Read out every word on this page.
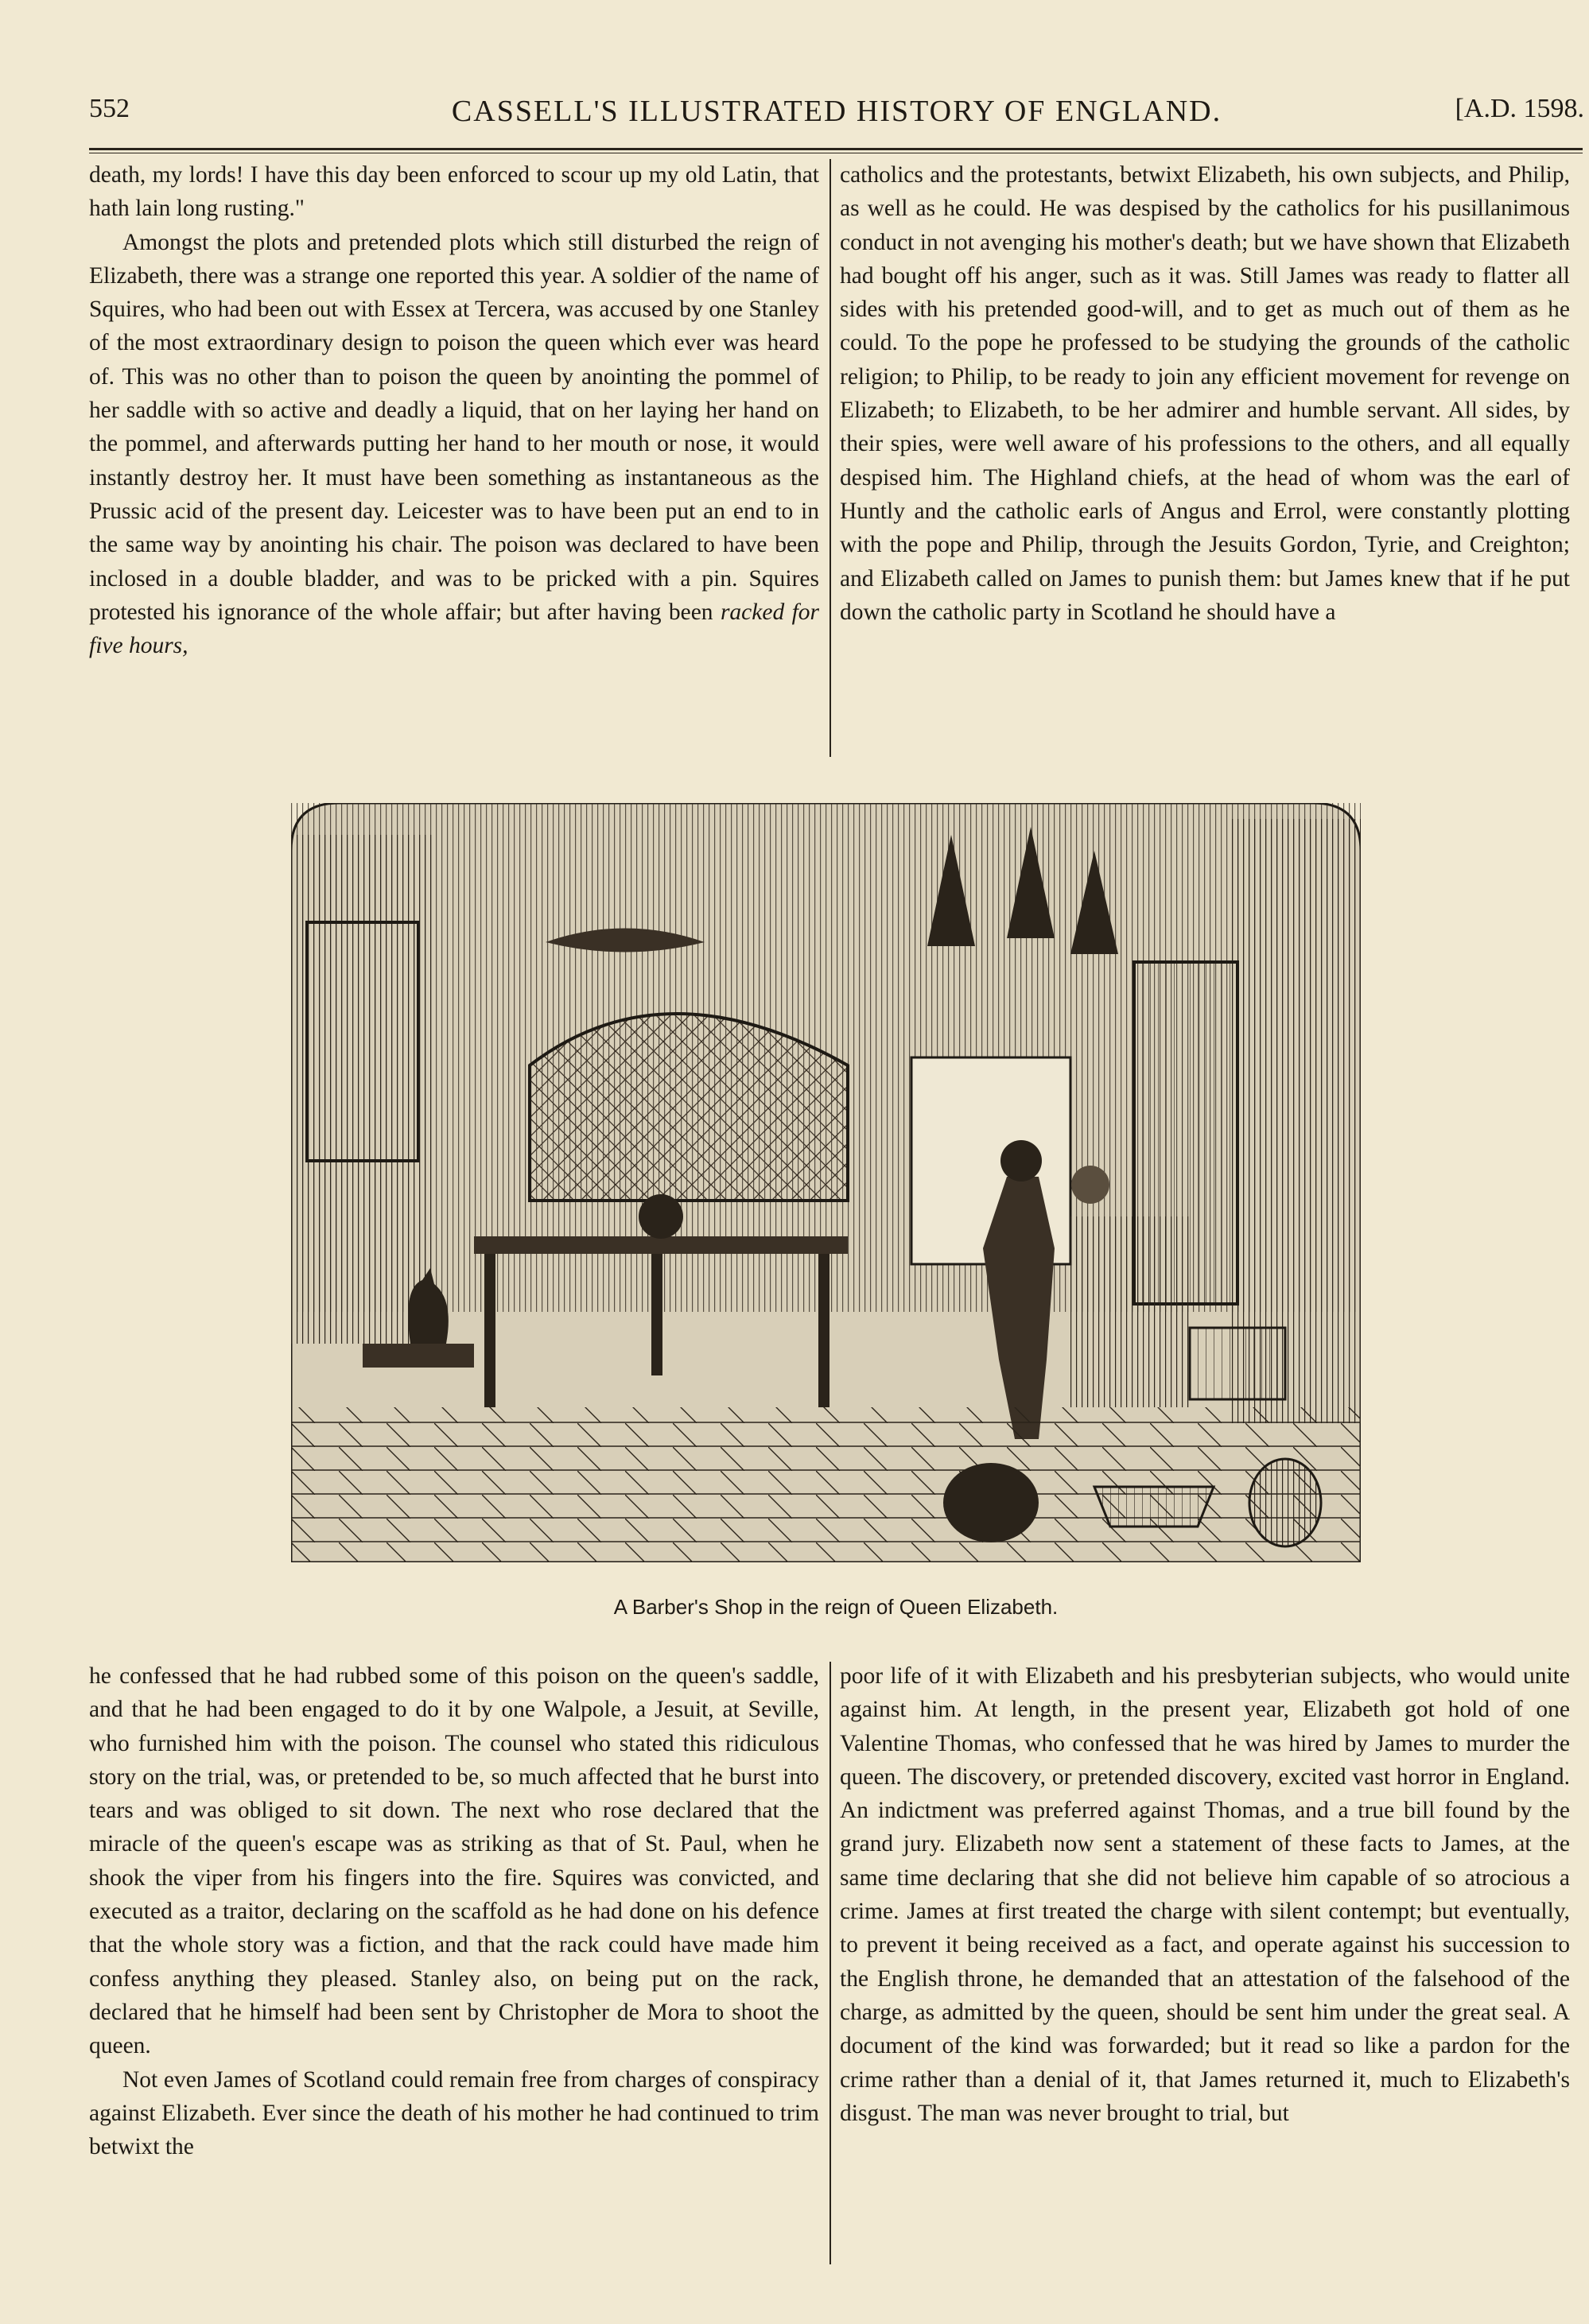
552	CASSELL'S ILLUSTRATED HISTORY OF ENGLAND.	[A.D. 1598.

death, my lords! I have this day been enforced to scour up my old Latin, that hath lain long rusting."

Amongst the plots and pretended plots which still disturbed the reign of Elizabeth, there was a strange one reported this year. A soldier of the name of Squires, who had been out with Essex at Tercera, was accused by one Stanley of the most extraordinary design to poison the queen which ever was heard of. This was no other than to poison the queen by anointing the pommel of her saddle with so active and deadly a liquid, that on her laying her hand on the pommel, and afterwards putting her hand to her mouth or nose, it would instantly destroy her. It must have been something as instantaneous as the Prussic acid of the present day. Leicester was to have been put an end to in the same way by anointing his chair. The poison was declared to have been inclosed in a double bladder, and was to be pricked with a pin. Squires protested his ignorance of the whole affair; but after having been racked for five hours,

catholics and the protestants, betwixt Elizabeth, his own subjects, and Philip, as well as he could. He was despised by the catholics for his pusillanimous conduct in not avenging his mother's death; but we have shown that Elizabeth had bought off his anger, such as it was. Still James was ready to flatter all sides with his pretended good-will, and to get as much out of them as he could. To the pope he professed to be studying the grounds of the catholic religion; to Philip, to be ready to join any efficient movement for revenge on Elizabeth; to Elizabeth, to be her admirer and humble servant. All sides, by their spies, were well aware of his professions to the others, and all equally despised him. The Highland chiefs, at the head of whom was the earl of Huntly and the catholic earls of Angus and Errol, were constantly plotting with the pope and Philip, through the Jesuits Gordon, Tyrie, and Creighton; and Elizabeth called on James to punish them: but James knew that if he put down the catholic party in Scotland he should have a

A Barber's Shop in the reign of Queen Elizabeth.

he confessed that he had rubbed some of this poison on the queen's saddle, and that he had been engaged to do it by one Walpole, a Jesuit, at Seville, who furnished him with the poison. The counsel who stated this ridiculous story on the trial, was, or pretended to be, so much affected that he burst into tears and was obliged to sit down. The next who rose declared that the miracle of the queen's escape was as striking as that of St. Paul, when he shook the viper from his fingers into the fire. Squires was convicted, and executed as a traitor, declaring on the scaffold as he had done on his defence that the whole story was a fiction, and that the rack could have made him confess anything they pleased. Stanley also, on being put on the rack, declared that he himself had been sent by Christopher de Mora to shoot the queen.

Not even James of Scotland could remain free from charges of conspiracy against Elizabeth. Ever since the death of his mother he had continued to trim betwixt the

poor life of it with Elizabeth and his presbyterian subjects, who would unite against him. At length, in the present year, Elizabeth got hold of one Valentine Thomas, who confessed that he was hired by James to murder the queen. The discovery, or pretended discovery, excited vast horror in England. An indictment was preferred against Thomas, and a true bill found by the grand jury. Elizabeth now sent a statement of these facts to James, at the same time declaring that she did not believe him capable of so atrocious a crime. James at first treated the charge with silent contempt; but eventually, to prevent it being received as a fact, and operate against his succession to the English throne, he demanded that an attestation of the falsehood of the charge, as admitted by the queen, should be sent him under the great seal. A document of the kind was forwarded; but it read so like a pardon for the crime rather than a denial of it, that James returned it, much to Elizabeth's disgust. The man was never brought to trial, but
